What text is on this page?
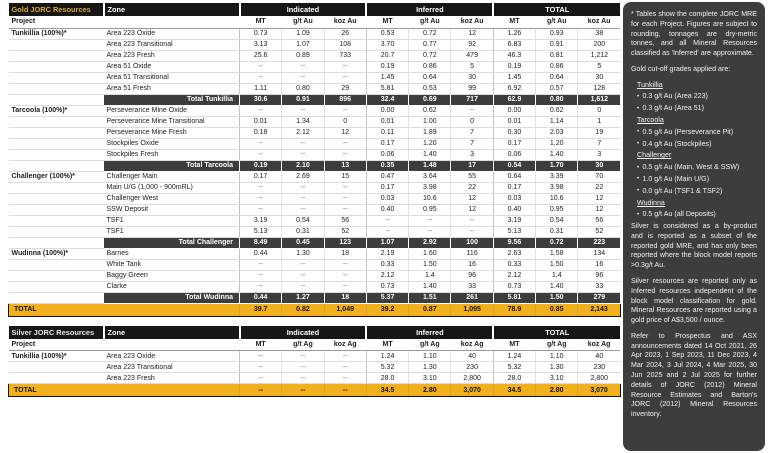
Gold JORC Resources	Zone	Indicated			Inferred			TOTAL		
Project		MT	g/t Au	koz Au	MT	g/t Au	koz Au	MT	g/t Au	koz Au
Tunkillia (100%)*	Area 223 Oxide	0.73	1.09	26	0.53	0.72	12	1.26	0.93	38
	Area 223 Transitional	3.13	1.07	108	3.70	0.77	92	6.83	0.91	200
	Area 223 Fresh	25.6	0.89	733	20.7	0.72	479	46.3	0.81	1,212
	Area 51 Oxide	--	--	--	0.19	0.86	5	0.19	0.86	5
	Area 51 Transitional	--	--	--	1.45	0.64	30	1.45	0.64	30
	Area 51 Fresh	1.11	0.80	29	5.81	0.53	99	6.92	0.57	128
	Total Tunkillia	30.6	0.91	896	32.4	0.69	717	62.9	0.80	1,612
Tarcoola (100%)*	Perseverance Mine Oxide	--	--	--	0.00	0.62	--	0.00	0.62	0
	Perseverance Mine Transitional	0.01	1.34	0	0.01	1.00	0	0.01	1.14	1
	Perseverance Mine Fresh	0.18	2.12	12	0.11	1.89	7	0.30	2.03	19
	Stockpiles Oxide	--	--	--	0.17	1.20	7	0.17	1.20	7
	Stockpiles Fresh	--	--	--	0.06	1.40	3	0.06	1.40	3
	Total Tarcoola	0.19	2.10	13	0.35	1.48	17	0.54	1.70	30
Challenger (100%)*	Challenger Main	0.17	2.69	15	0.47	3.64	55	0.64	3.39	70
	Main U/G (1,000 - 900mRL)	--	--	--	0.17	3.98	22	0.17	3.98	22
	Challenger West	--	--	--	0.03	10.6	12	0.03	10.6	12
	SSW Deposit	--	--	--	0.40	0.95	12	0.40	0.95	12
	TSF1	3.19	0.54	56	--	--	--	3.19	0.54	56
	TSF1	5.13	0.31	52	--	--	--	5.13	0.31	52
	Total Challenger	8.49	0.45	123	1.07	2.92	100	9.56	0.72	223
Wudinna (100%)*	Barnes	0.44	1.30	18	2.19	1.60	116	2.63	1.58	134
	White Tank	--	--	--	0.33	1.50	16	0.33	1.50	16
	Baggy Green	--	--	--	2.12	1.4	96	2.12	1.4	96
	Clarke	--	--	--	0.73	1.40	33	0.73	1.40	33
	Total Wudinna	0.44	1.27	18	5.37	1.51	261	5.81	1.50	279
TOTAL		39.7	0.82	1,049	39.2	0.87	1,095	78.9	0.85	2,143
Silver JORC Resources	Zone	Indicated			Inferred			TOTAL		
Project		MT	g/t Ag	koz Ag	MT	g/t Ag	koz Ag	MT	g/t Ag	koz Ag
Tunkillia (100%)*	Area 223 Oxide	--	--	--	1.24	1.10	40	1.24	1.10	40
	Area 223 Transitional	--	--	--	5.32	1.30	230	5.32	1.30	230
	Area 223 Fresh	--	--	--	28.0	3.10	2,800	28.0	3.10	2,800
TOTAL		--	--	--	34.5	2.80	3,070	34.5	2.80	3,070

* Tables show the complete JORC MRE for each Project. Figures are subject to rounding, tonnages are dry-metric tonnes, and all Mineral Resources classified as 'Inferred' are approximate.

Gold cut-off grades applied are:

Tunkillia
•  0.3 g/t Au (Area 223)
•  0.3 g/t Au (Area 51)
Tarcoola
•  0.5 g/t Au (Perseverance Pit)
•  0.4 g/t Au (Stockpiles)
Challenger
•  0.5 g/t Au (Main, West & SSW)
•  1.0 g/t Au (Main U/G)
•  0.0 g/t Au (TSF1 & TSF2)
Wudinna
•  0.5 g/t Au (all Deposits)

Silver is considered as a by-product and is reported as a subset of the reported gold MRE, and has only been reported where the block model reports >0.3g/t Au.

Silver resources are reported only as Inferred resources independent of the block model classification for gold. Mineral Resources are reported using a gold price of A$3,500 / ounce.

Refer to Prospectus and ASX announcements dated 14 Oct 2021, 26 Apr 2023, 1 Sep 2023, 11 Dec 2023, 4 Mar 2024, 3 Jul 2024, 4 Mar 2025, 30 Jun 2025 and 2 Jul 2025 for further details of JORC (2012) Mineral Resource Estimates and Barton's JORC (2012) Mineral Resources inventory.
